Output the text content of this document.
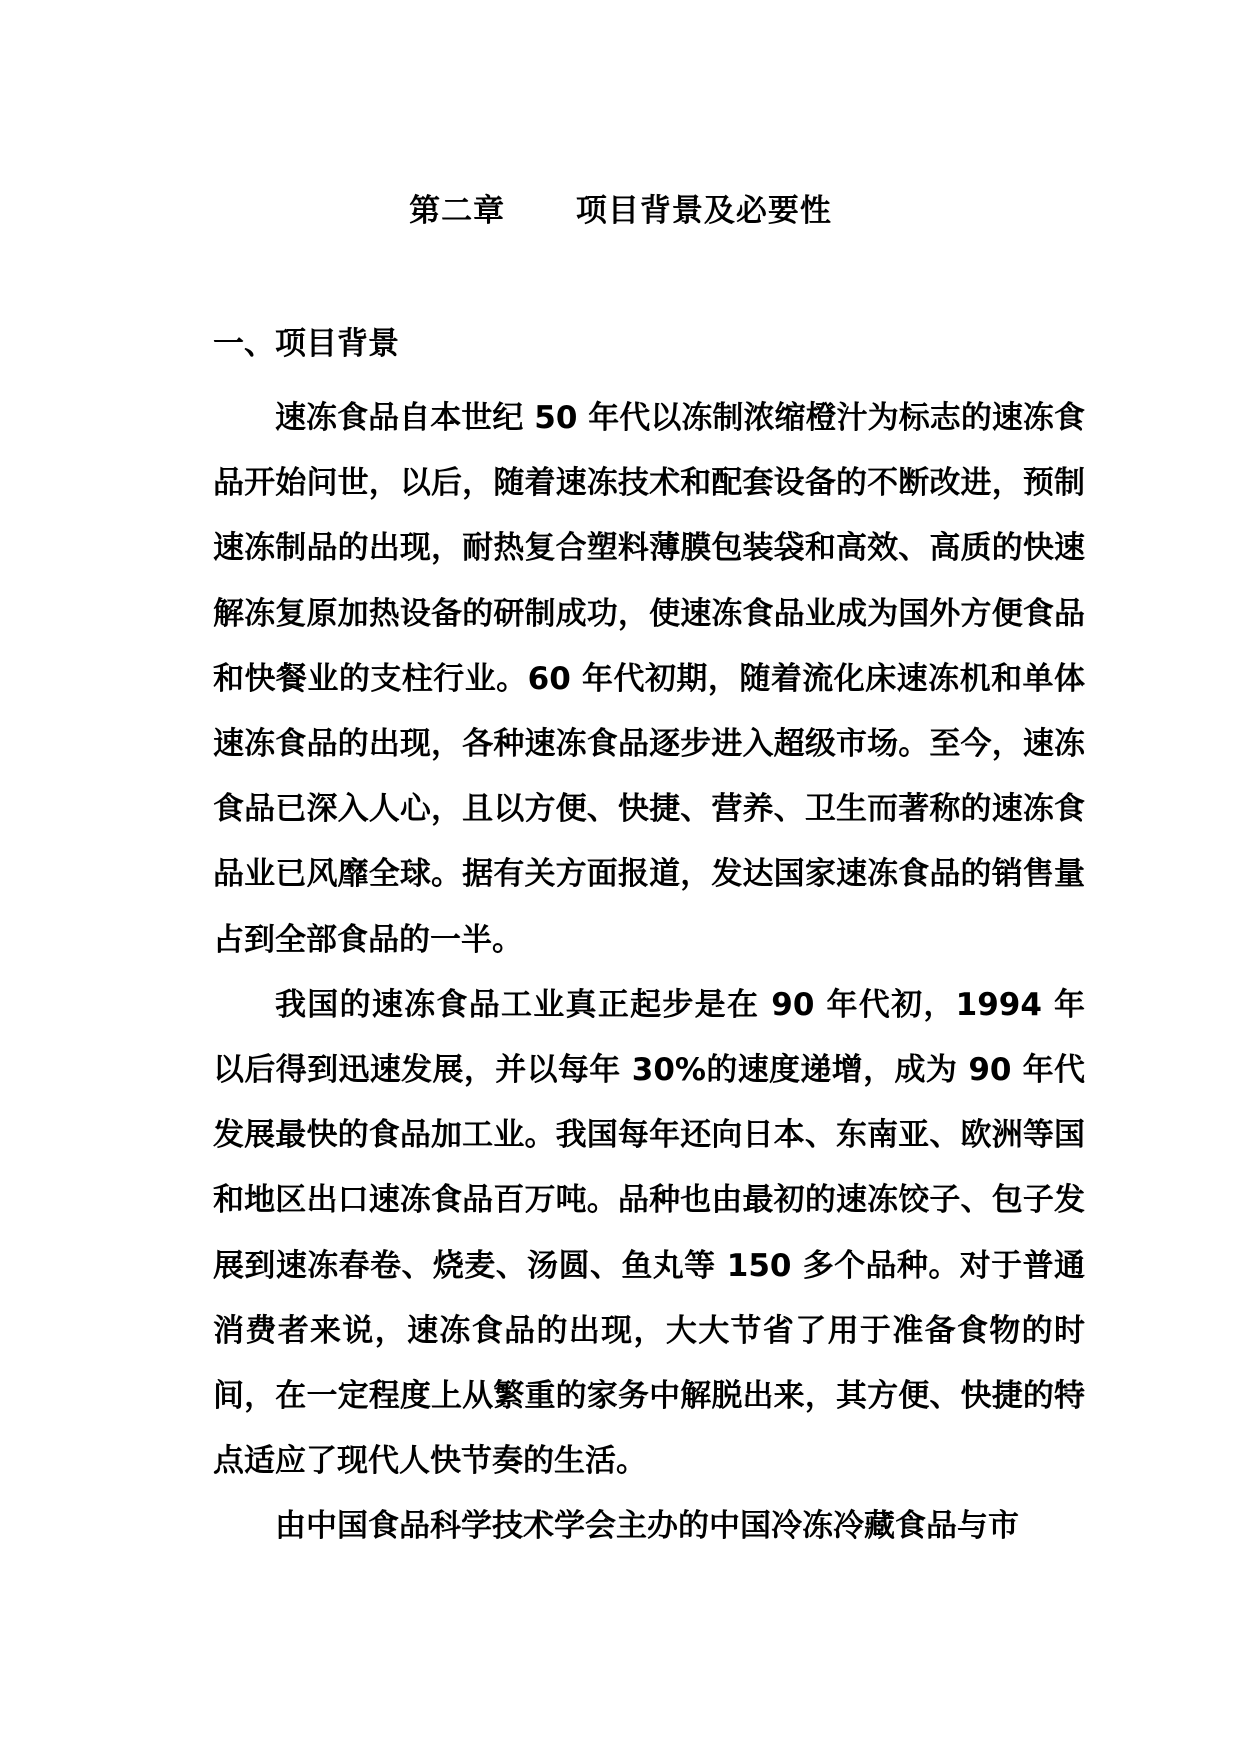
第二章      项目背景及必要性
一、项目背景

速冻食品自本世纪 50 年代以冻制浓缩橙汁为标志的速冻食品开始问世，以后，随着速冻技术和配套设备的不断改进，预制速冻制品的出现，耐热复合塑料薄膜包装袋和高效、高质的快速解冻复原加热设备的研制成功，使速冻食品业成为国外方便食品和快餐业的支柱行业。60 年代初期，随着流化床速冻机和单体速冻食品的出现，各种速冻食品逐步进入超级市场。至今，速冻食品已深入人心，且以方便、快捷、营养、卫生而著称的速冻食品业已风靡全球。据有关方面报道，发达国家速冻食品的销售量占到全部食品的一半。

我国的速冻食品工业真正起步是在 90 年代初，1994 年以后得到迅速发展，并以每年 30%的速度递增，成为 90 年代发展最快的食品加工业。我国每年还向日本、东南亚、欧洲等国和地区出口速冻食品百万吨。品种也由最初的速冻饺子、包子发展到速冻春卷、烧麦、汤圆、鱼丸等 150 多个品种。对于普通消费者来说，速冻食品的出现，大大节省了用于准备食物的时间，在一定程度上从繁重的家务中解脱出来，其方便、快捷的特点适应了现代人快节奏的生活。

由中国食品科学技术学会主办的中国冷冻冷藏食品与市
